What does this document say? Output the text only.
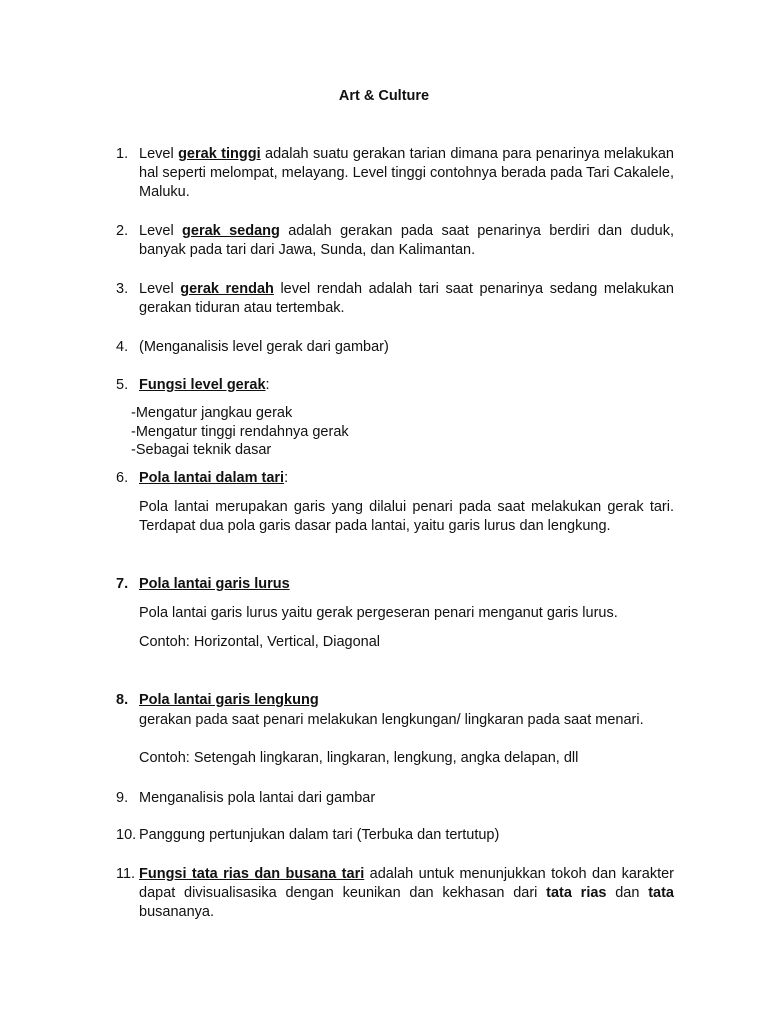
Art & Culture
1. Level gerak tinggi adalah suatu gerakan tarian dimana para penarinya melakukan hal seperti melompat, melayang. Level tinggi contohnya berada pada Tari Cakalele, Maluku.
2. Level gerak sedang adalah gerakan pada saat penarinya berdiri dan duduk, banyak pada tari dari Jawa, Sunda, dan Kalimantan.
3. Level gerak rendah level rendah adalah tari saat penarinya sedang melakukan gerakan tiduran atau tertembak.
4. (Menganalisis level gerak dari gambar)
5. Fungsi level gerak:
-Mengatur jangkau gerak
-Mengatur tinggi rendahnya gerak
-Sebagai teknik dasar
6. Pola lantai dalam tari:
Pola lantai merupakan garis yang dilalui penari pada saat melakukan gerak tari. Terdapat dua pola garis dasar pada lantai, yaitu garis lurus dan lengkung.
7. Pola lantai garis lurus
Pola lantai garis lurus yaitu gerak pergeseran penari menganut garis lurus.
Contoh: Horizontal, Vertical, Diagonal
8. Pola lantai garis lengkung
gerakan pada saat penari melakukan lengkungan/ lingkaran pada saat menari.
Contoh: Setengah lingkaran, lingkaran, lengkung, angka delapan, dll
9. Menganalisis pola lantai dari gambar
10. Panggung pertunjukan dalam tari (Terbuka dan tertutup)
11. Fungsi tata rias dan busana tari adalah untuk menunjukkan tokoh dan karakter dapat divisualisasika dengan keunikan dan kekhasan dari tata rias dan tata busananya.
